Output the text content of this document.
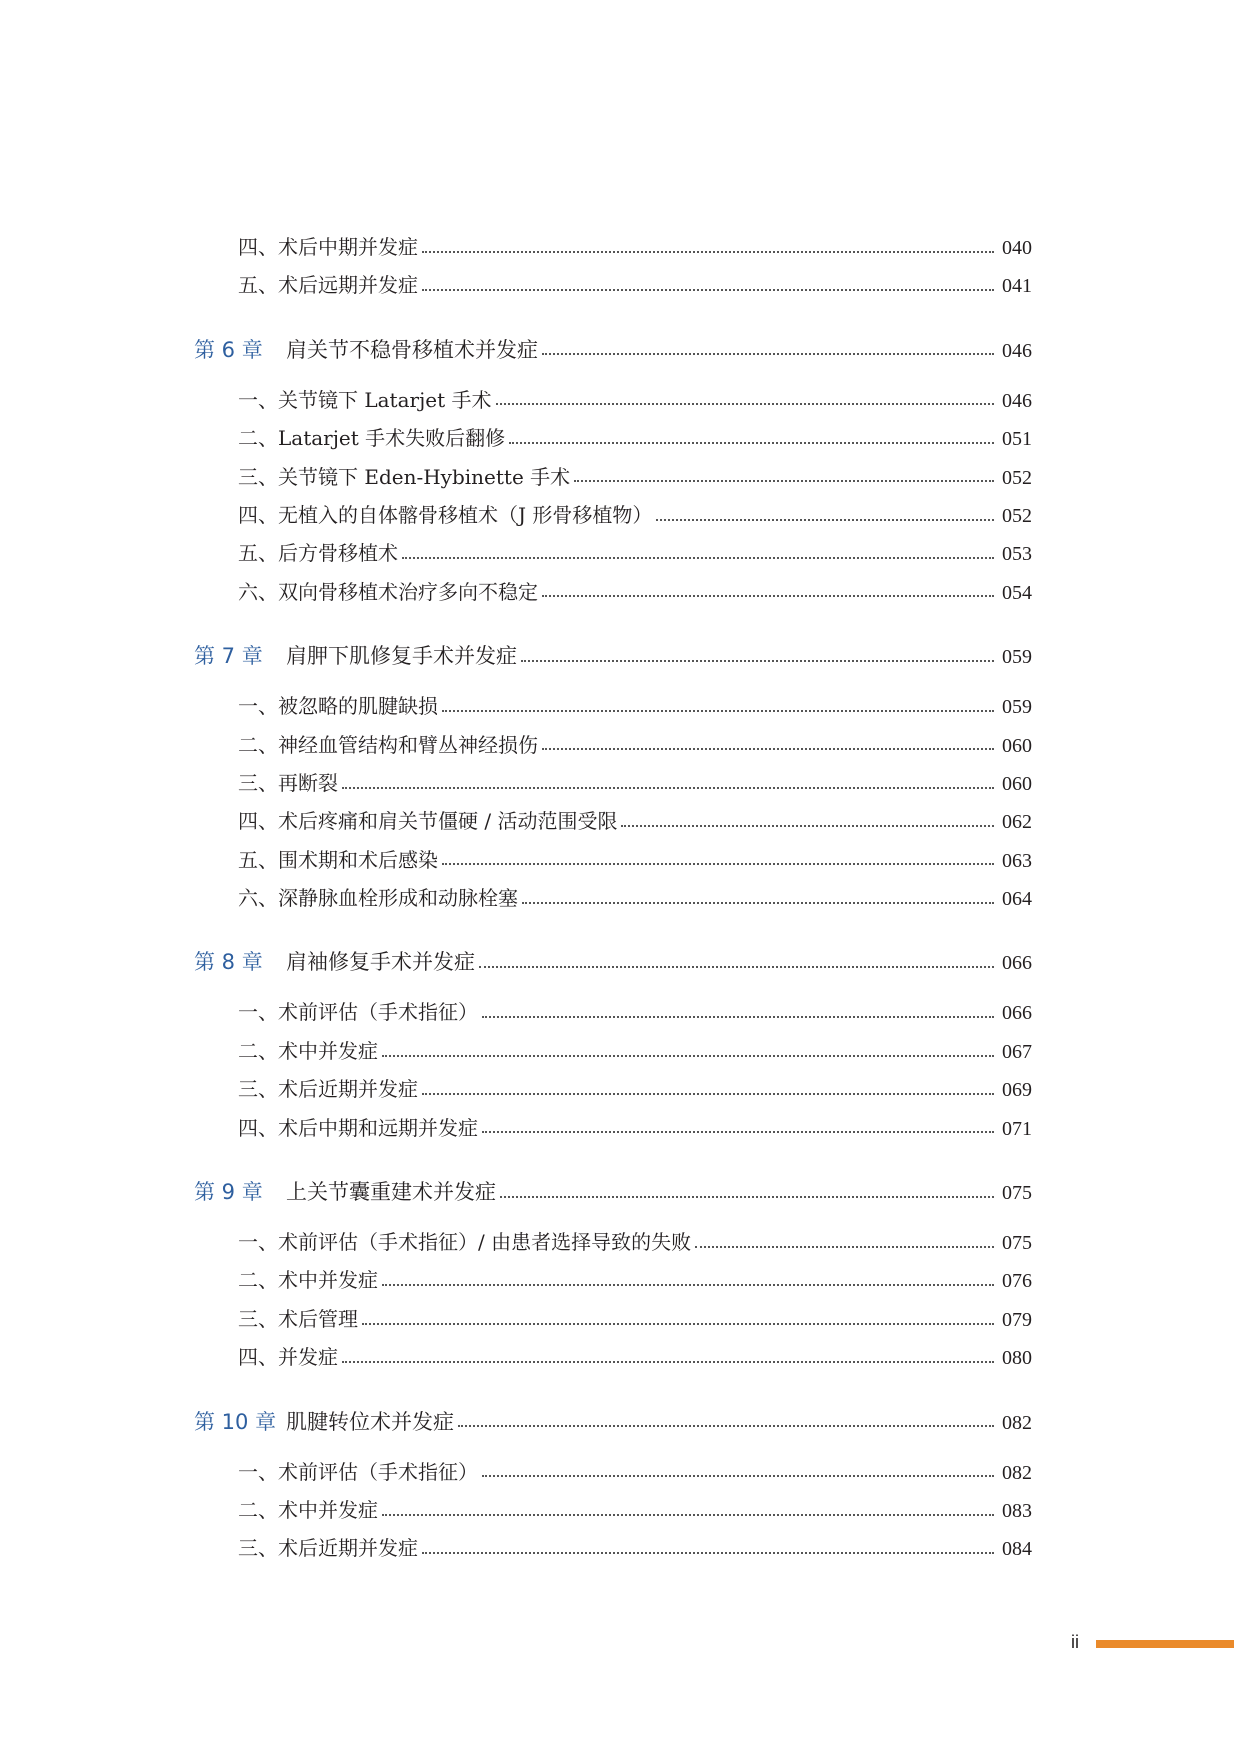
四、术后中期并发症	040
五、术后远期并发症	041
第 6 章	肩关节不稳骨移植术并发症	046
一、关节镜下 Latarjet 手术	046
二、Latarjet 手术失败后翻修	051
三、关节镜下 Eden-Hybinette 手术	052
四、无植入的自体髂骨移植术（J 形骨移植物）	052
五、后方骨移植术	053
六、双向骨移植术治疗多向不稳定	054
第 7 章	肩胛下肌修复手术并发症	059
一、被忽略的肌腱缺损	059
二、神经血管结构和臂丛神经损伤	060
三、再断裂	060
四、术后疼痛和肩关节僵硬 / 活动范围受限	062
五、围术期和术后感染	063
六、深静脉血栓形成和动脉栓塞	064
第 8 章	肩袖修复手术并发症	066
一、术前评估（手术指征）	066
二、术中并发症	067
三、术后近期并发症	069
四、术后中期和远期并发症	071
第 9 章	上关节囊重建术并发症	075
一、术前评估（手术指征）/ 由患者选择导致的失败	075
二、术中并发症	076
三、术后管理	079
四、并发症	080
第 10 章 肌腱转位术并发症	082
一、术前评估（手术指征）	082
二、术中并发症	083
三、术后近期并发症	084
ii
